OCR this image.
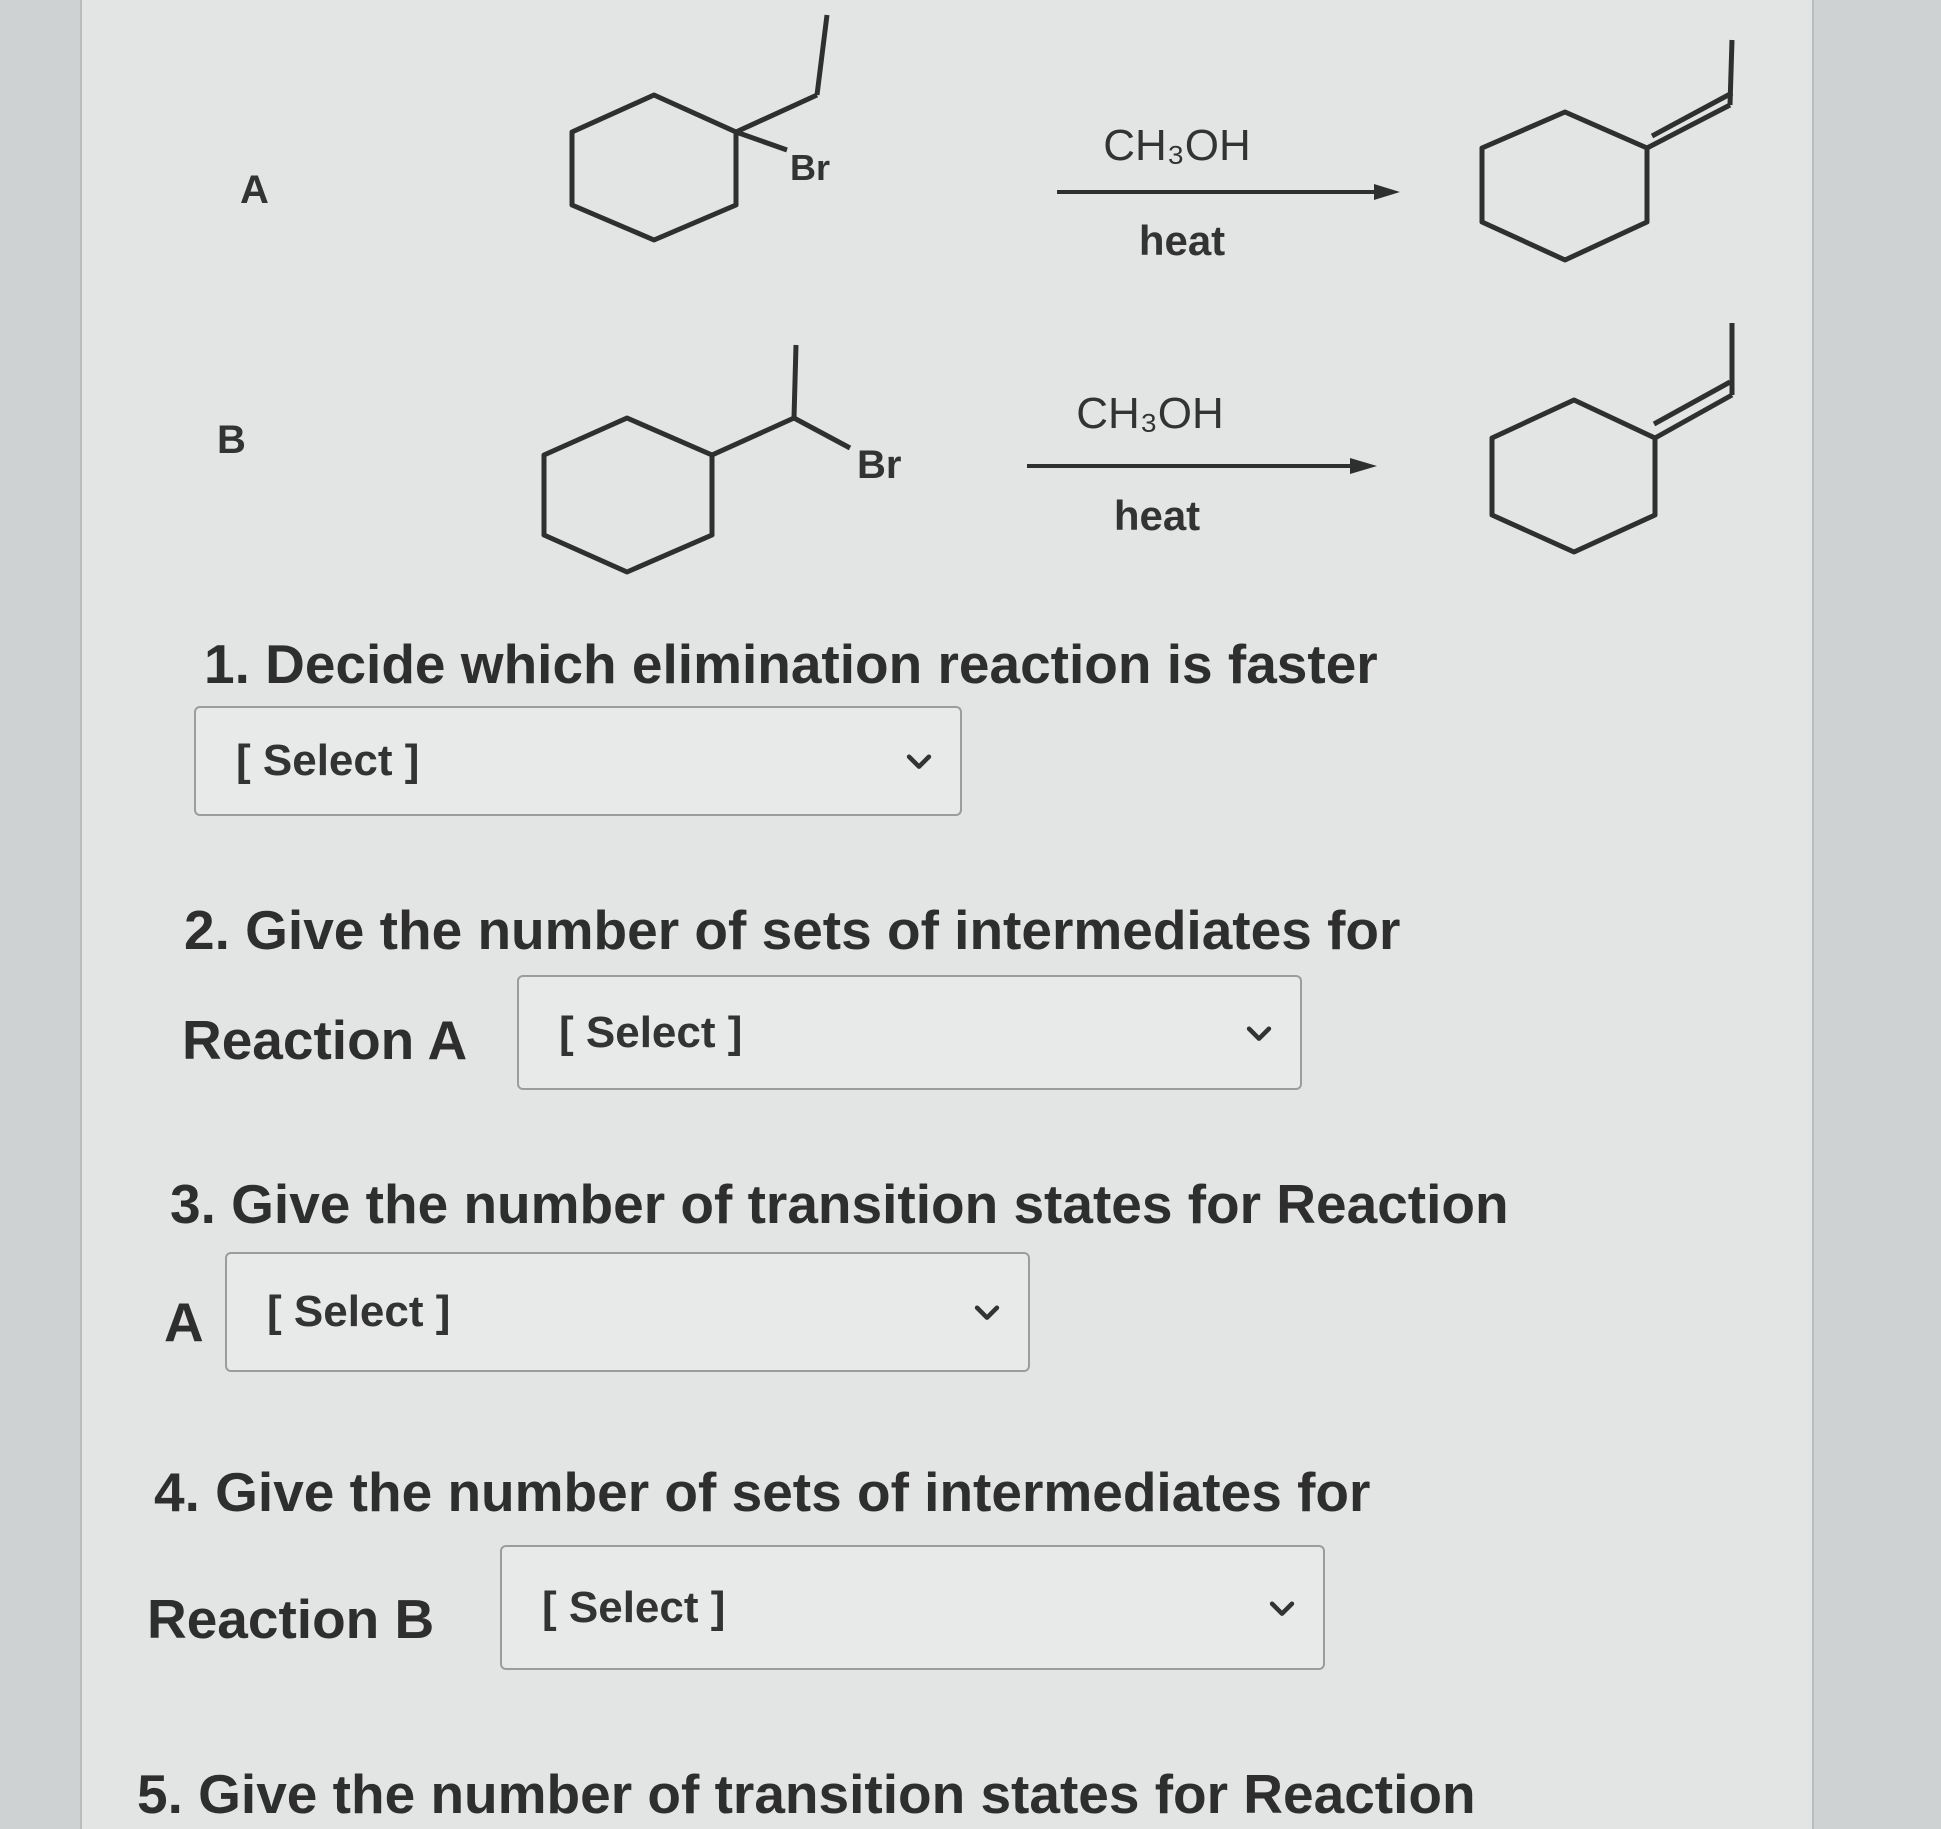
A
Br	CH₃OH
heat
Br
CH₃OH
heat
B
1. Decide which elimination reaction is faster
[ Select ]
2. Give the number of sets of intermediates for
Reaction A [ Select ]
3. Give the number of transition states for Reaction
A [ Select ]
4. Give the number of sets of intermediates for
Reaction B [ Select ]
5. Give the number of transition states for Reaction
